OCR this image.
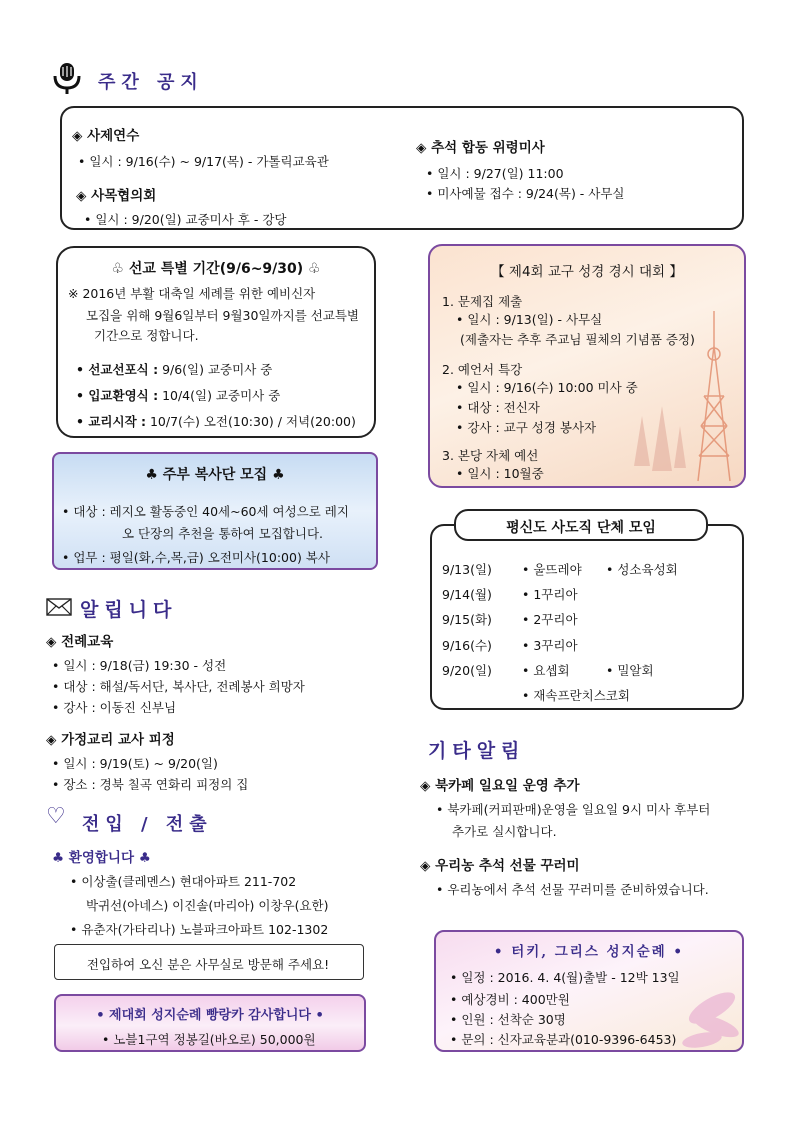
주간 공지
◈ 사제연수
• 일시 : 9/16(수) ~ 9/17(목) - 가톨릭교육관
◈ 사목협의회
• 일시 : 9/20(일) 교중미사 후 - 강당
◈ 추석 합동 위령미사
• 일시 : 9/27(일) 11:00
• 미사예물 접수 : 9/24(목) - 사무실
♧ 선교 특별 기간(9/6~9/30) ♧
※ 2016년 부활 대축일 세례를 위한 예비신자
모집을 위해 9월6일부터 9월30일까지를 선교특별
기간으로 정합니다.
• 선교선포식 : 9/6(일) 교중미사 중
• 입교환영식 : 10/4(일) 교중미사 중
• 교리시작 : 10/7(수) 오전(10:30) / 저녁(20:00)
♣ 주부 복사단 모집 ♣
• 대상 : 레지오 활동중인 40세~60세 여성으로 레지
오 단장의 추천을 통하여 모집합니다.
• 업무 : 평일(화,수,목,금) 오전미사(10:00) 복사
【 제4회 교구 성경 경시 대회 】
1. 문제집 제출
• 일시 : 9/13(일) - 사무실
(제출자는 추후 주교님 필체의 기념품 증정)
2. 예언서 특강
• 일시 : 9/16(수) 10:00 미사 중
• 대상 : 전신자
• 강사 : 교구 성경 봉사자
3. 본당 자체 예선
• 일시 : 10월중
평신도 사도직 단체 모임
9/13(일) • 울뜨레야 • 성소육성회
9/14(월) • 1꾸리아
9/15(화) • 2꾸리아
9/16(수) • 3꾸리아
9/20(일) • 요셉회	• 밀알회
• 재속프란치스코회
알립니다
◈ 전례교육
• 일시 : 9/18(금) 19:30 - 성전
• 대상 : 해설/독서단, 복사단, 전례봉사 희망자
• 강사 : 이동진 신부님
◈ 가정교리 교사 피정
• 일시 : 9/19(토) ~ 9/20(일)
• 장소 : 경북 칠곡 연화리 피정의 집
♡ 전입 / 전출
♣ 환영합니다 ♣
• 이상출(클레멘스) 현대아파트 211-702
박귀선(아네스) 이진솔(마리아) 이창우(요한)
• 유춘자(가타리나) 노블파크아파트 102-1302
전입하여 오신 분은 사무실로 방문해 주세요!
• 제대회 성지순례 빵랑카 감사합니다 •
• 노블1구역 정봉길(바오로) 50,000원
기타알림
◈ 북카페 일요일 운영 추가
• 북카페(커피판매)운영을 일요일 9시 미사 후부터
추가로 실시합니다.
◈ 우리농 추석 선물 꾸러미
• 우리농에서 추석 선물 꾸러미를 준비하였습니다.
• 터키, 그리스 성지순례 •
• 일정 : 2016. 4. 4(월)출발 - 12박 13일
• 예상경비 : 400만원
• 인원 : 선착순 30명
• 문의 : 신자교육분과(010-9396-6453)
